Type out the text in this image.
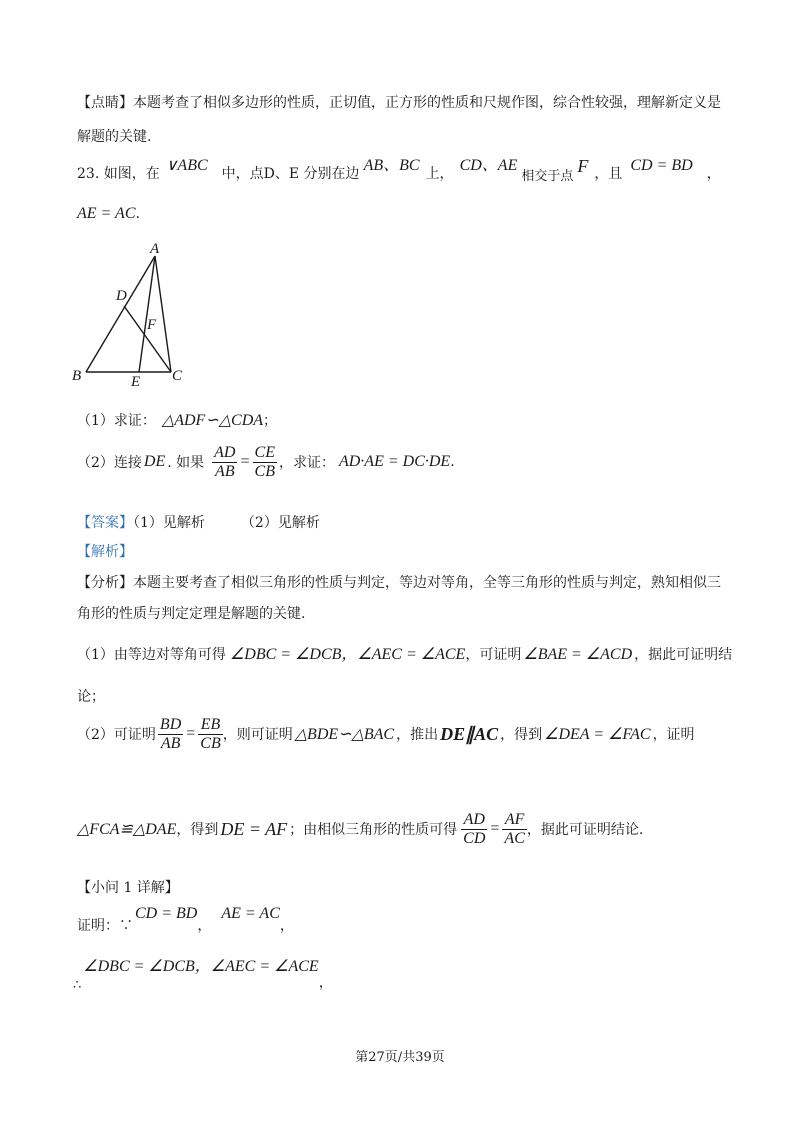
【点睛】本题考查了相似多边形的性质，正切值，正方形的性质和尺规作图，综合性较强，理解新定义是
解题的关键.
23. 如图，在 ∨ABC 中，点D、E 分别在边 AB、BC 上， CD、AE相交于点F ，且 CD = BD ，
AE = AC.
A
D
F
B	E C
（1）求证： △ADF∽△CDA；
（2）连接 DE . 如果 $\frac{AD}{AB} = \frac{CE}{CB}$ ，求证： AD·AE = DC·DE .
【答案】（1）见解析	（2）见解析
【解析】
【分析】本题主要考查了相似三角形的性质与判定，等边对等角，全等三角形的性质与判定，熟知相似三
角形的性质与判定定理是解题的关键.
（1）由等边对等角可得 ∠DBC = ∠DCB，∠AEC = ∠ACE，可证明 ∠BAE = ∠ACD ，据此可证明结
论；
（2）可证明 $\frac{BD}{AB} = \frac{EB}{CB}$ ，则可证明 △BDE∽△BAC ，推出 DE∥AC ，得到 ∠DEA = ∠FAC ，证明
△FCA≌△DAE ，得到 DE = AF ；由相似三角形的性质可得 $\frac{AD}{CD} = \frac{AF}{AC}$ ，据此可证明结论.
【小问 1 详解】
证明：∵CD = BD，AE = AC，
∴∠DBC = ∠DCB，∠AEC = ∠ACE，
第27页/共39页
